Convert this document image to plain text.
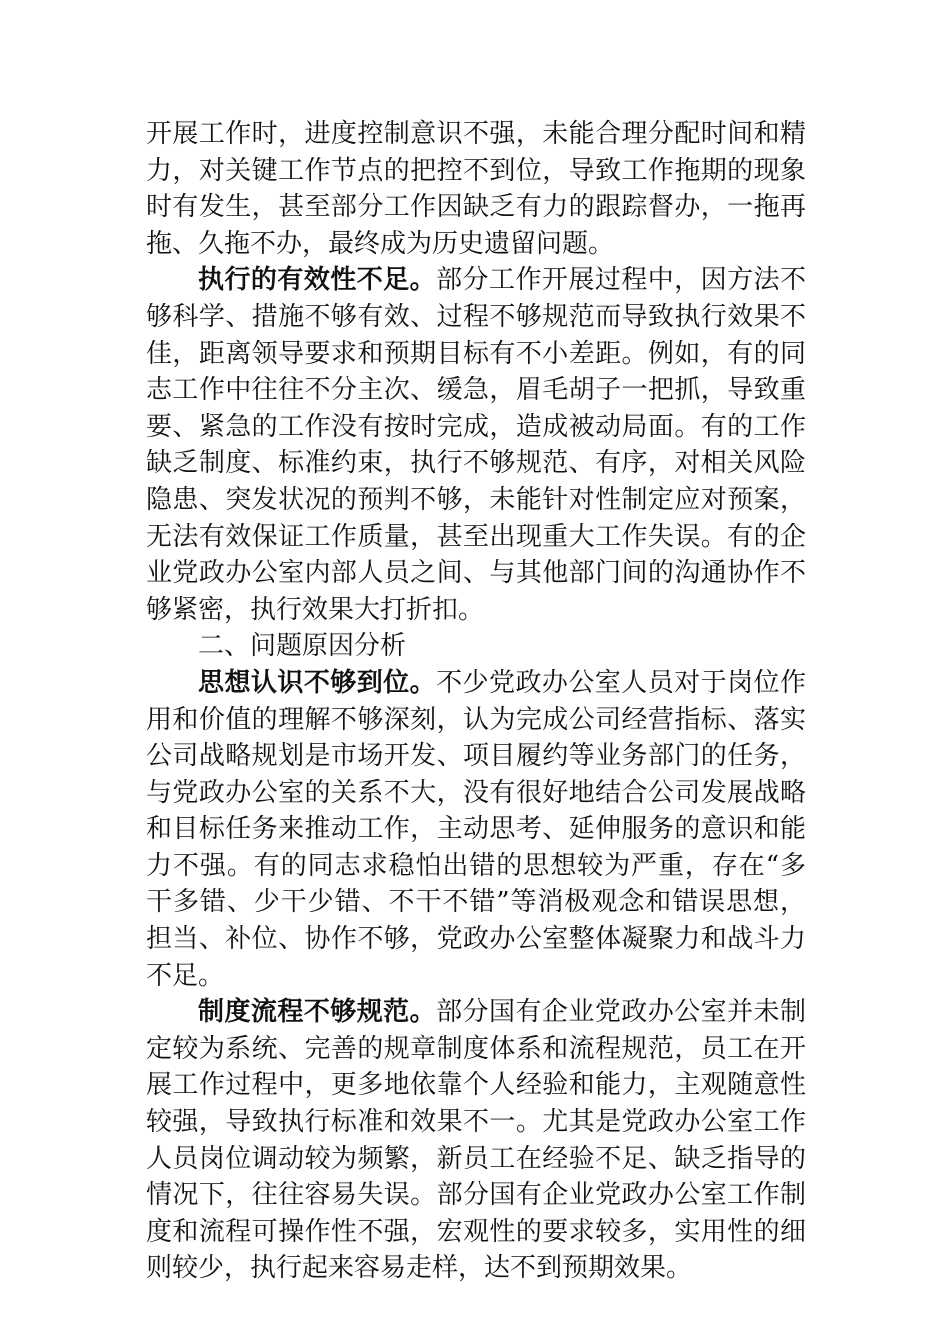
开展工作时，进度控制意识不强，未能合理分配时间和精力，对关键工作节点的把控不到位，导致工作拖期的现象时有发生，甚至部分工作因缺乏有力的跟踪督办，一拖再拖、久拖不办，最终成为历史遗留问题。

执行的有效性不足。部分工作开展过程中，因方法不够科学、措施不够有效、过程不够规范而导致执行效果不佳，距离领导要求和预期目标有不小差距。例如，有的同志工作中往往不分主次、缓急，眉毛胡子一把抓，导致重要、紧急的工作没有按时完成，造成被动局面。有的工作缺乏制度、标准约束，执行不够规范、有序，对相关风险隐患、突发状况的预判不够，未能针对性制定应对预案，无法有效保证工作质量，甚至出现重大工作失误。有的企业党政办公室内部人员之间、与其他部门间的沟通协作不够紧密，执行效果大打折扣。

二、问题原因分析

思想认识不够到位。不少党政办公室人员对于岗位作用和价值的理解不够深刻，认为完成公司经营指标、落实公司战略规划是市场开发、项目履约等业务部门的任务，与党政办公室的关系不大，没有很好地结合公司发展战略和目标任务来推动工作，主动思考、延伸服务的意识和能力不强。有的同志求稳怕出错的思想较为严重，存在“多干多错、少干少错、不干不错”等消极观念和错误思想，担当、补位、协作不够，党政办公室整体凝聚力和战斗力不足。

制度流程不够规范。部分国有企业党政办公室并未制定较为系统、完善的规章制度体系和流程规范，员工在开展工作过程中，更多地依靠个人经验和能力，主观随意性较强，导致执行标准和效果不一。尤其是党政办公室工作人员岗位调动较为频繁，新员工在经验不足、缺乏指导的情况下，往往容易失误。部分国有企业党政办公室工作制度和流程可操作性不强，宏观性的要求较多，实用性的细则较少，执行起来容易走样，达不到预期效果。
